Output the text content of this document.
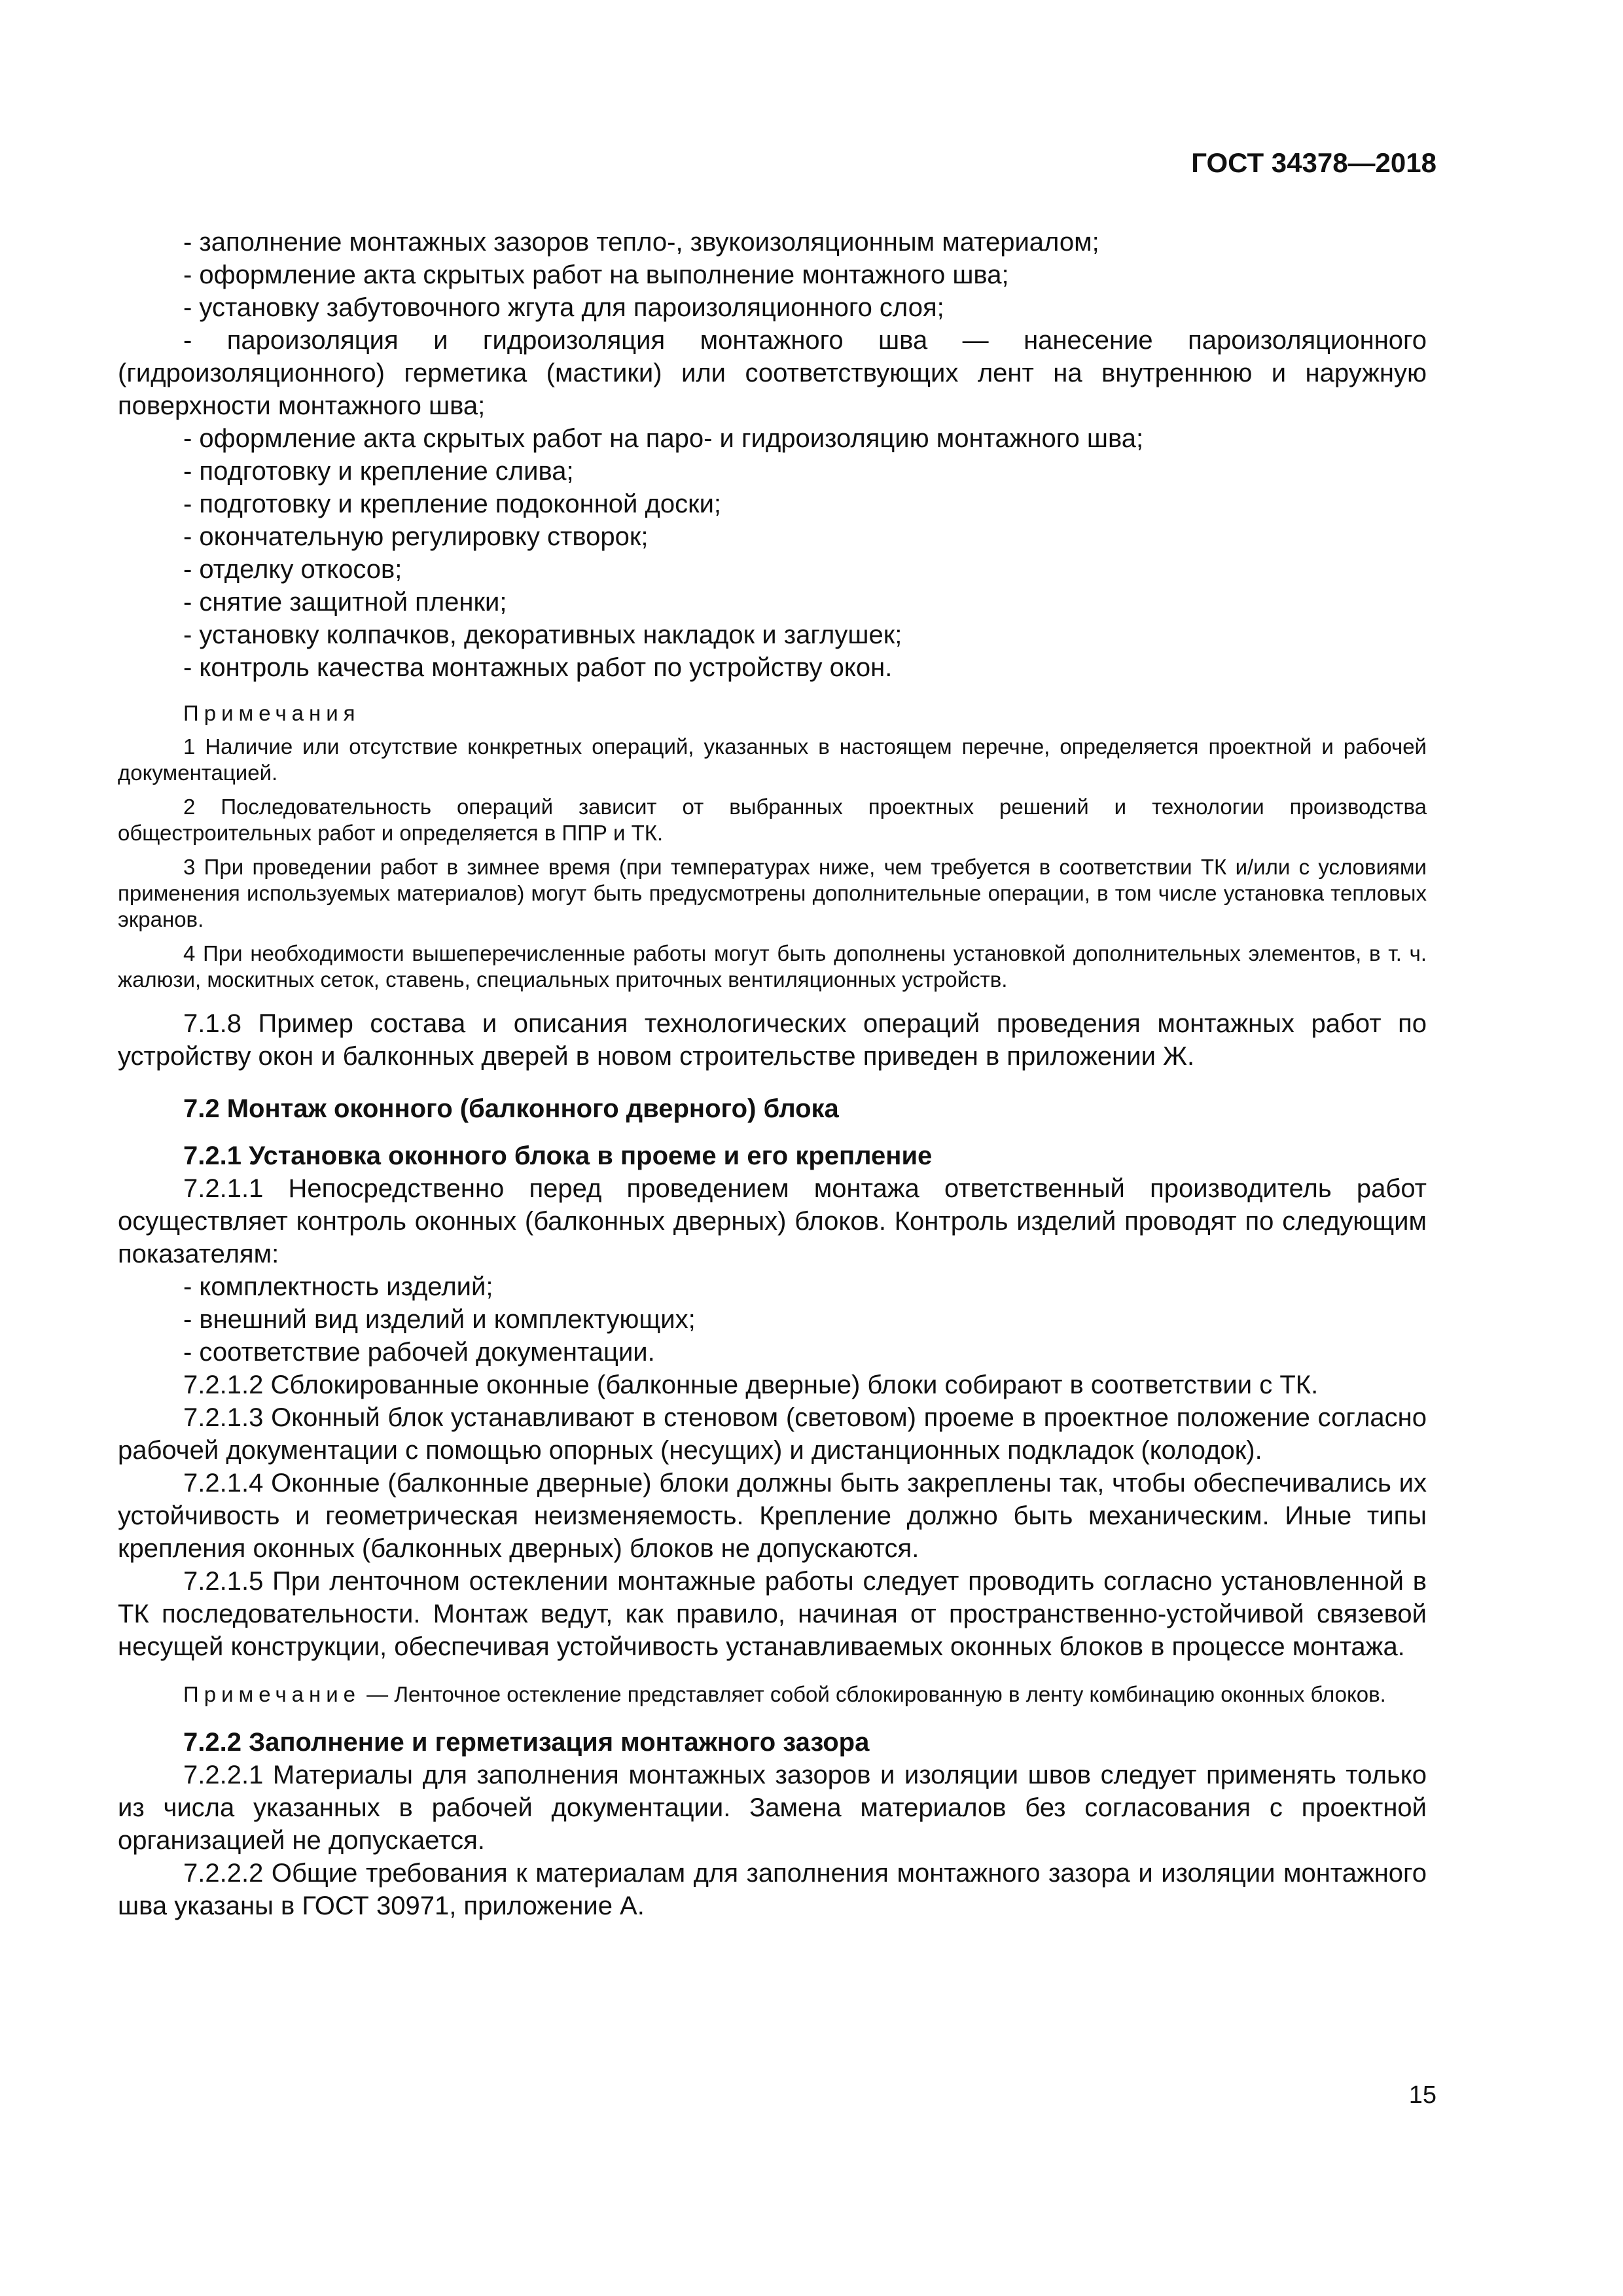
ГОСТ 34378—2018

- заполнение монтажных зазоров тепло-, звукоизоляционным материалом;

- оформление акта скрытых работ на выполнение монтажного шва;

- установку забутовочного жгута для пароизоляционного слоя;

- пароизоляция и гидроизоляция монтажного шва — нанесение пароизоляционного (гидроизоляционного) герметика (мастики) или соответствующих лент на внутреннюю и наружную поверхности монтажного шва;

- оформление акта скрытых работ на паро- и гидроизоляцию монтажного шва;

- подготовку и крепление слива;

- подготовку и крепление подоконной доски;

- окончательную регулировку створок;

- отделку откосов;

- снятие защитной пленки;

- установку колпачков, декоративных накладок и заглушек;

- контроль качества монтажных работ по устройству окон.

Примечания

1 Наличие или отсутствие конкретных операций, указанных в настоящем перечне, определяется проектной и рабочей документацией.

2 Последовательность операций зависит от выбранных проектных решений и технологии производства общестроительных работ и определяется в ППР и ТК.

3 При проведении работ в зимнее время (при температурах ниже, чем требуется в соответствии ТК и/или с условиями применения используемых материалов) могут быть предусмотрены дополнительные операции, в том числе установка тепловых экранов.

4 При необходимости вышеперечисленные работы могут быть дополнены установкой дополнительных элементов, в т. ч. жалюзи, москитных сеток, ставень, специальных приточных вентиляционных устройств.

7.1.8 Пример состава и описания технологических операций проведения монтажных работ по устройству окон и балконных дверей в новом строительстве приведен в приложении Ж.

7.2 Монтаж оконного (балконного дверного) блока

7.2.1 Установка оконного блока в проеме и его крепление

7.2.1.1 Непосредственно перед проведением монтажа ответственный производитель работ осуществляет контроль оконных (балконных дверных) блоков. Контроль изделий проводят по следующим показателям:

- комплектность изделий;

- внешний вид изделий и комплектующих;

- соответствие рабочей документации.

7.2.1.2 Сблокированные оконные (балконные дверные) блоки собирают в соответствии с ТК.

7.2.1.3 Оконный блок устанавливают в стеновом (световом) проеме в проектное положение согласно рабочей документации с помощью опорных (несущих) и дистанционных подкладок (колодок).

7.2.1.4 Оконные (балконные дверные) блоки должны быть закреплены так, чтобы обеспечивались их устойчивость и геометрическая неизменяемость. Крепление должно быть механическим. Иные типы крепления оконных (балконных дверных) блоков не допускаются.

7.2.1.5 При ленточном остеклении монтажные работы следует проводить согласно установленной в ТК последовательности. Монтаж ведут, как правило, начиная от пространственно-устойчивой связевой несущей конструкции, обеспечивая устойчивость устанавливаемых оконных блоков в процессе монтажа.

Примечание — Ленточное остекление представляет собой сблокированную в ленту комбинацию оконных блоков.

7.2.2 Заполнение и герметизация монтажного зазора

7.2.2.1 Материалы для заполнения монтажных зазоров и изоляции швов следует применять только из числа указанных в рабочей документации. Замена материалов без согласования с проектной организацией не допускается.

7.2.2.2 Общие требования к материалам для заполнения монтажного зазора и изоляции монтажного шва указаны в ГОСТ 30971, приложение А.

15
